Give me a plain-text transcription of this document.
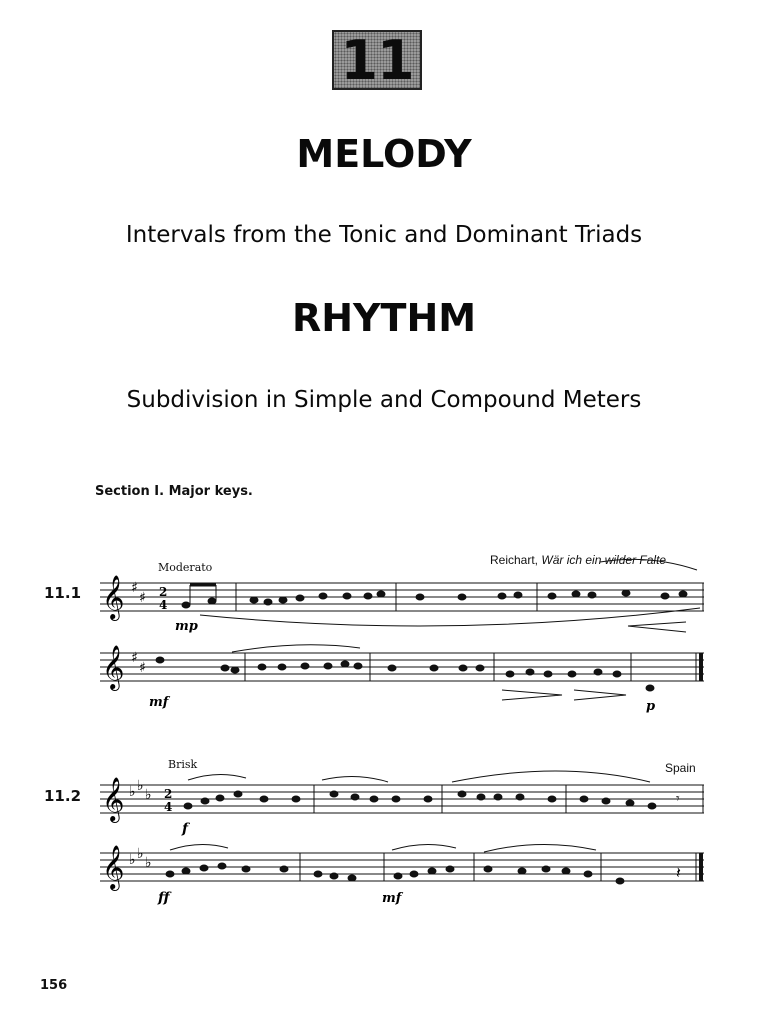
11
MELODY
Intervals from the Tonic and Dominant Triads
RHYTHM
Subdivision in Simple and Compound Meters
Section I. Major keys.
11.1
Moderato
Reichart, Wär ich ein wilder Falte
11.2
Brisk	Spain
156
𝄞 ♯
♯ 2
4
mp
𝄞 ♯
♯
mf	p
𝄞 ♭ ♭
♭ 2
4	𝄾
f
𝄞 ♭ ♭
♭	𝄽
ff	mf
